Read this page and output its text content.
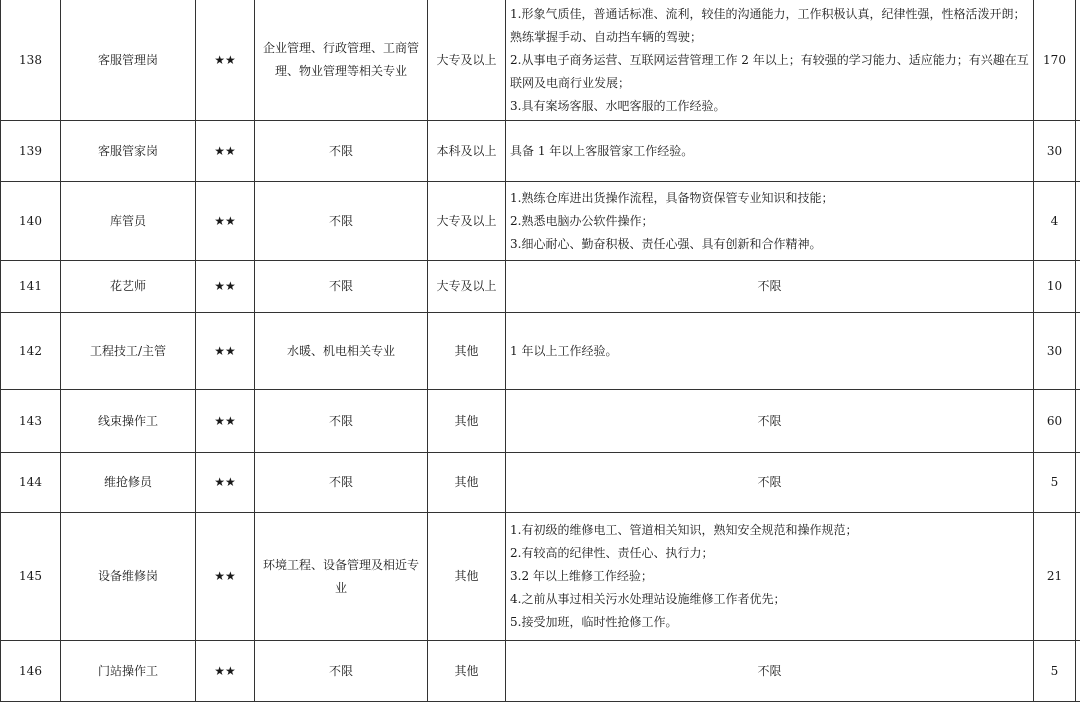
138	客服管理岗	★★	企业管理、行政管理、工商管理、物业管理等相关专业	大专及以上	1.形象气质佳，普通话标准、流利，较佳的沟通能力，工作积极认真，纪律性强，性格活泼开朗；熟练掌握手动、自动挡车辆的驾驶；
2.从事电子商务运营、互联网运营管理工作 2 年以上；有较强的学习能力、适应能力；有兴趣在互联网及电商行业发展；
3.具有案场客服、水吧客服的工作经验。	170	
139	客服管家岗	★★	不限	本科及以上	具备 1 年以上客服管家工作经验。	30	
140	库管员	★★	不限	大专及以上	1.熟练仓库进出货操作流程，具备物资保管专业知识和技能；
2.熟悉电脑办公软件操作；
3.细心耐心、勤奋积极、责任心强、具有创新和合作精神。	4	
141	花艺师	★★	不限	大专及以上	不限	10	
142	工程技工/主管	★★	水暖、机电相关专业	其他	1 年以上工作经验。	30	
143	线束操作工	★★	不限	其他	不限	60	
144	维抢修员	★★	不限	其他	不限	5	
145	设备维修岗	★★	环境工程、设备管理及相近专业	其他	1.有初级的维修电工、管道相关知识，熟知安全规范和操作规范；
2.有较高的纪律性、责任心、执行力；
3.2 年以上维修工作经验；
4.之前从事过相关污水处理站设施维修工作者优先；
5.接受加班，临时性抢修工作。	21	
146	门站操作工	★★	不限	其他	不限	5	
